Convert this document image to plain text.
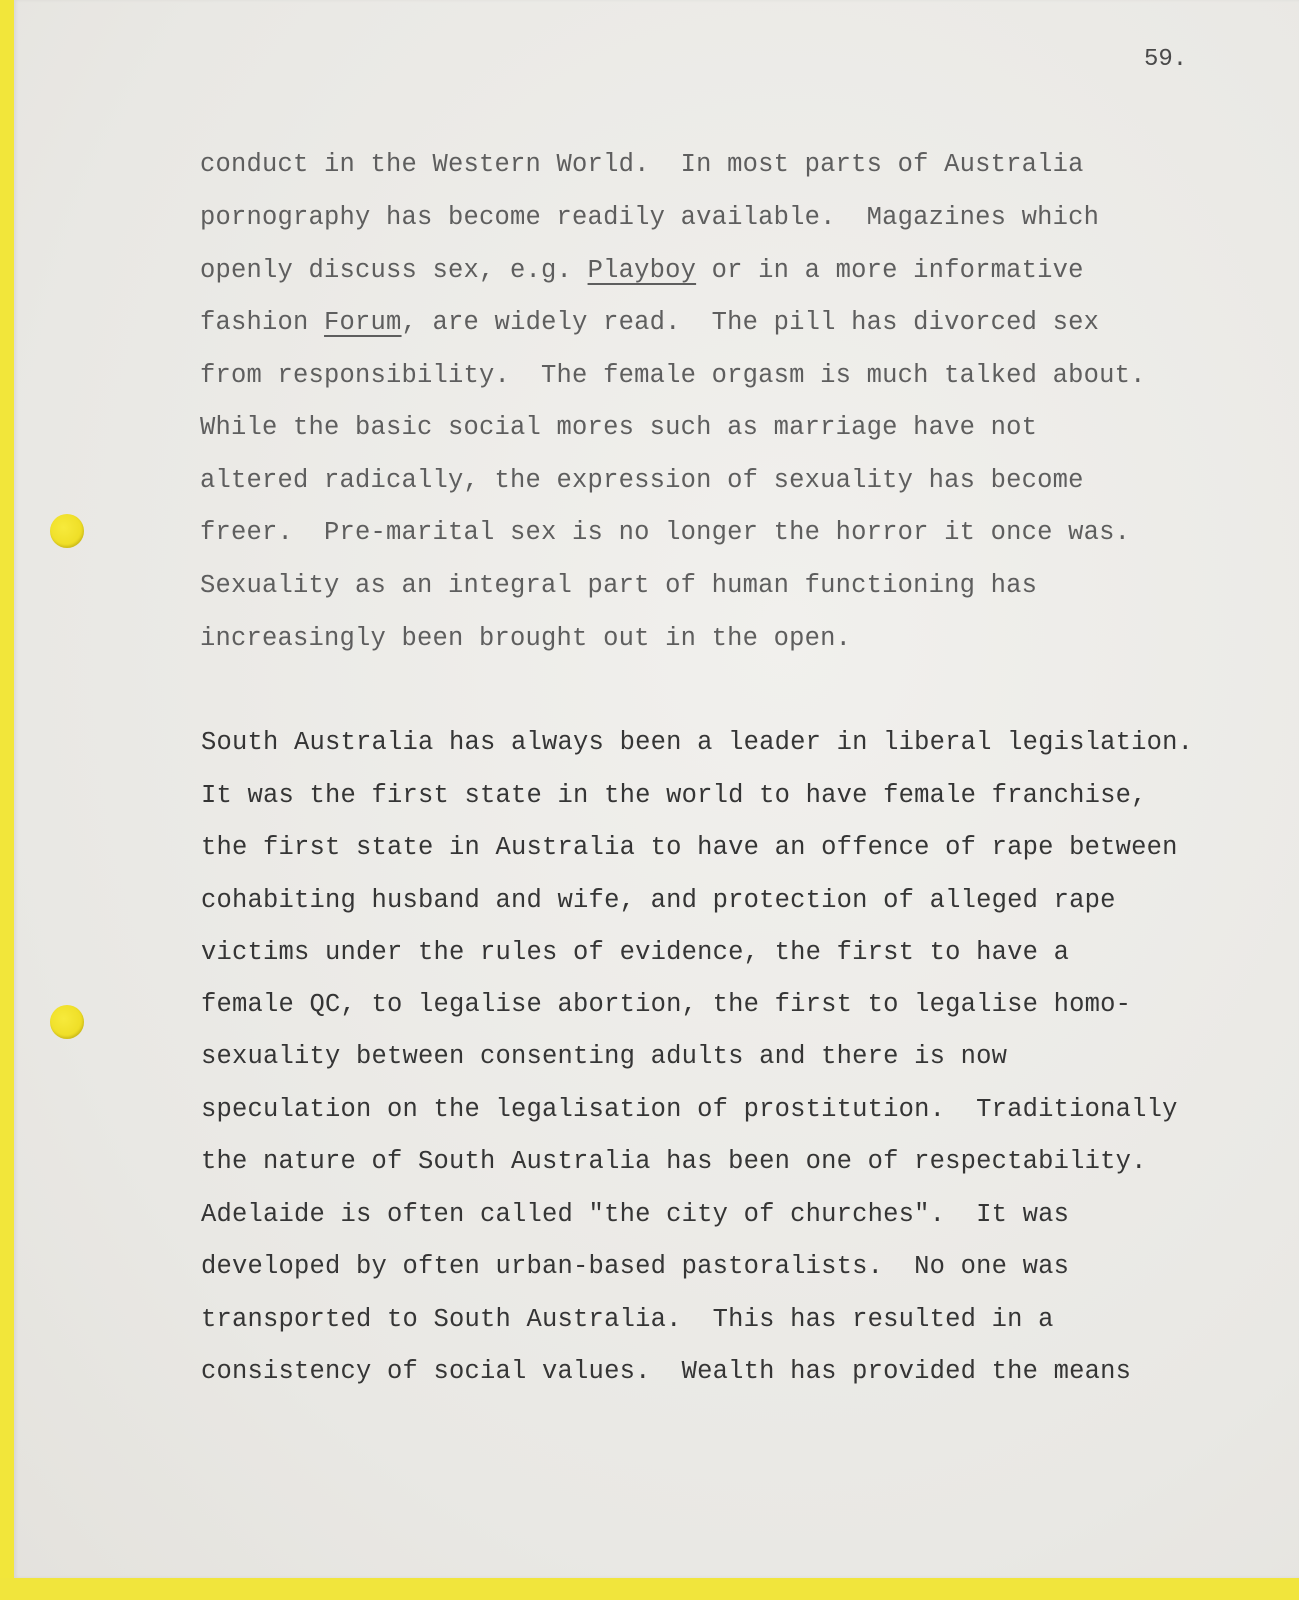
59.
conduct in the Western World.  In most parts of Australia
pornography has become readily available.  Magazines which
openly discuss sex, e.g. Playboy or in a more informative
fashion Forum, are widely read.  The pill has divorced sex
from responsibility.  The female orgasm is much talked about.
While the basic social mores such as marriage have not
altered radically, the expression of sexuality has become
freer.  Pre-marital sex is no longer the horror it once was.
Sexuality as an integral part of human functioning has
increasingly been brought out in the open.
South Australia has always been a leader in liberal legislation.
It was the first state in the world to have female franchise,
the first state in Australia to have an offence of rape between
cohabiting husband and wife, and protection of alleged rape
victims under the rules of evidence, the first to have a
female QC, to legalise abortion, the first to legalise homo-
sexuality between consenting adults and there is now
speculation on the legalisation of prostitution.  Traditionally
the nature of South Australia has been one of respectability.
Adelaide is often called "the city of churches".  It was
developed by often urban-based pastoralists.  No one was
transported to South Australia.  This has resulted in a
consistency of social values.  Wealth has provided the means
